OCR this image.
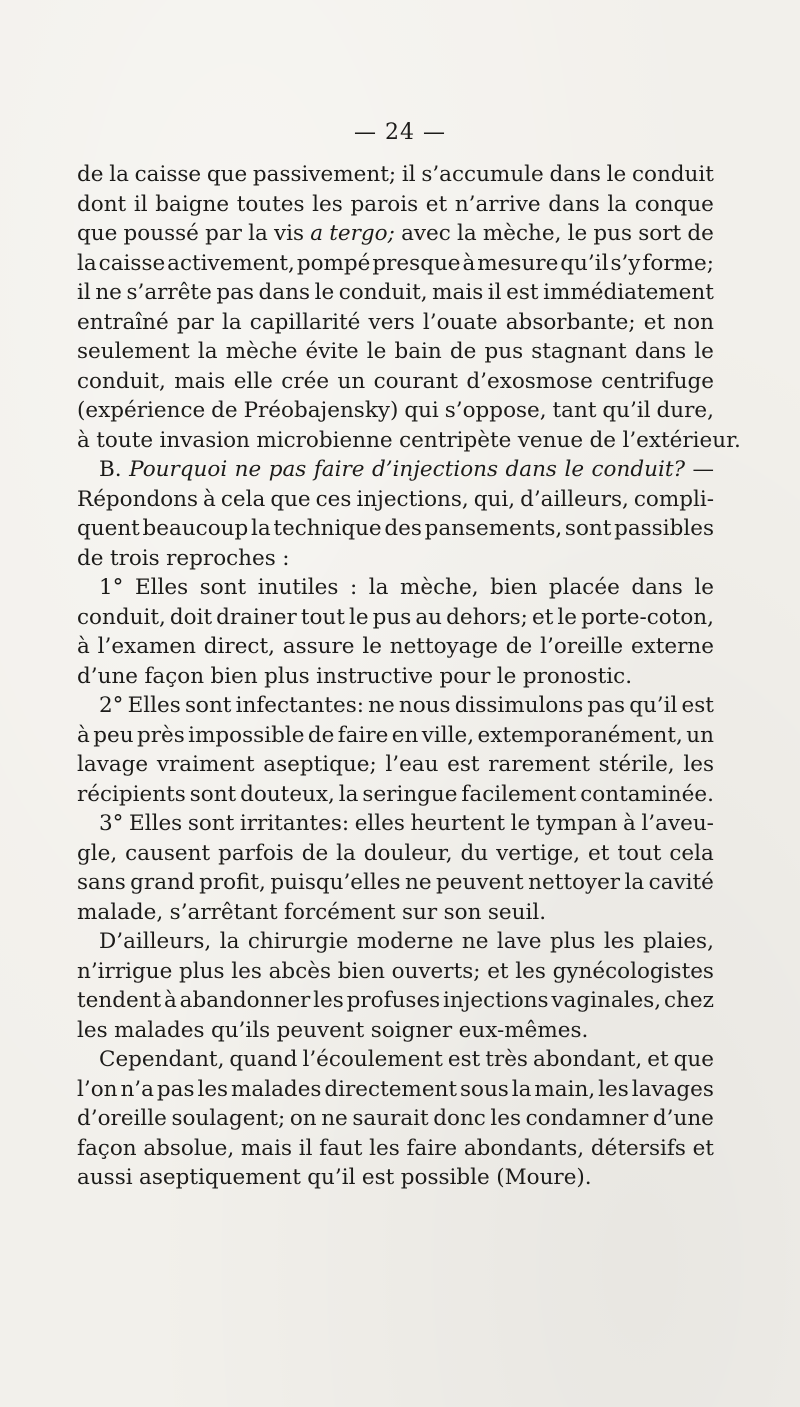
— 24 —
de la caisse que passivement; il s’accumule dans le conduit
dont il baigne toutes les parois et n’arrive dans la conque
que poussé par la vis a tergo; avec la mèche, le pus sort de
la caisse activement, pompé presque à mesure qu’il s’y forme;
il ne s’arrête pas dans le conduit, mais il est immédiatement
entraîné par la capillarité vers l’ouate absorbante; et non
seulement la mèche évite le bain de pus stagnant dans le
conduit, mais elle crée un courant d’exosmose centrifuge
(expérience de Préobajensky) qui s’oppose, tant qu’il dure,
à toute invasion microbienne centripète venue de l’extérieur.
B. Pourquoi ne pas faire d’injections dans le conduit? —
Répondons à cela que ces injections, qui, d’ailleurs, compli-
quent beaucoup la technique des pansements, sont passibles
de trois reproches :
1° Elles sont inutiles : la mèche, bien placée dans le
conduit, doit drainer tout le pus au dehors; et le porte-coton,
à l’examen direct, assure le nettoyage de l’oreille externe
d’une façon bien plus instructive pour le pronostic.
2° Elles sont infectantes: ne nous dissimulons pas qu’il est
à peu près impossible de faire en ville, extemporanément, un
lavage vraiment aseptique; l’eau est rarement stérile, les
récipients sont douteux, la seringue facilement contaminée.
3° Elles sont irritantes: elles heurtent le tympan à l’aveu-
gle, causent parfois de la douleur, du vertige, et tout cela
sans grand profit, puisqu’elles ne peuvent nettoyer la cavité
malade, s’arrêtant forcément sur son seuil.
D’ailleurs, la chirurgie moderne ne lave plus les plaies,
n’irrigue plus les abcès bien ouverts; et les gynécologistes
tendent à abandonner les profuses injections vaginales, chez
les malades qu’ils peuvent soigner eux-mêmes.
Cependant, quand l’écoulement est très abondant, et que
l’on n’a pas les malades directement sous la main, les lavages
d’oreille soulagent; on ne saurait donc les condamner d’une
façon absolue, mais il faut les faire abondants, détersifs et
aussi aseptiquement qu’il est possible (Moure).
